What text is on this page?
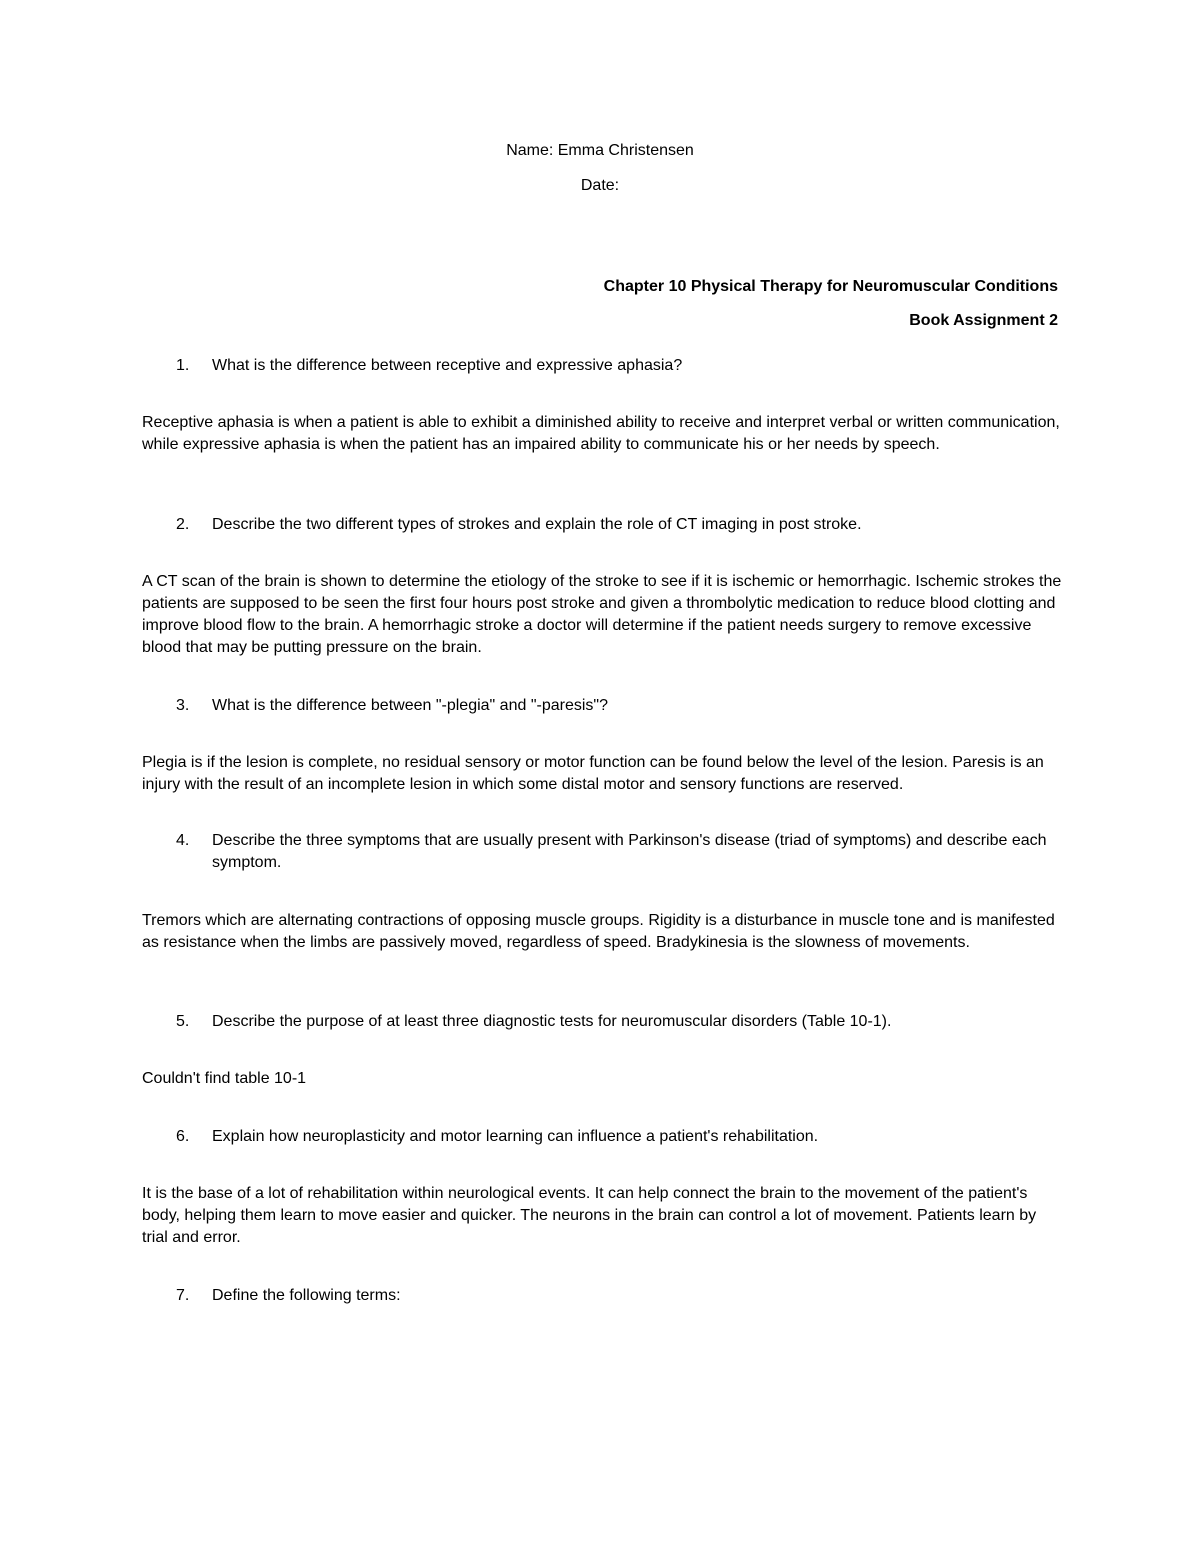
Name: Emma Christensen

Date:

Chapter 10 Physical Therapy for Neuromuscular Conditions

Book Assignment 2

1.	What is the difference between receptive and expressive aphasia?

Receptive aphasia is when a patient is able to exhibit a diminished ability to receive and interpret verbal or written communication, while expressive aphasia is when the patient has an impaired ability to communicate his or her needs by speech.

2.	Describe the two different types of strokes and explain the role of CT imaging in post stroke.

A CT scan of the brain is shown to determine the etiology of the stroke to see if it is ischemic or hemorrhagic. Ischemic strokes the patients are supposed to be seen the first four hours post stroke and given a thrombolytic medication to reduce blood clotting and improve blood flow to the brain. A hemorrhagic stroke a doctor will determine if the patient needs surgery to remove excessive blood that may be putting pressure on the brain.

3.	What is the difference between "-plegia" and "-paresis"?

Plegia is if the lesion is complete, no residual sensory or motor function can be found below the level of the lesion. Paresis is an injury with the result of an incomplete lesion in which some distal motor and sensory functions are reserved.

4.	Describe the three symptoms that are usually present with Parkinson's disease (triad of symptoms) and describe each symptom.

Tremors which are alternating contractions of opposing muscle groups. Rigidity is a disturbance in muscle tone and is manifested as resistance when the limbs are passively moved, regardless of speed. Bradykinesia is the slowness of movements.

5.	Describe the purpose of at least three diagnostic tests for neuromuscular disorders (Table 10-1).

Couldn't find table 10-1

6.	Explain how neuroplasticity and motor learning can influence a patient's rehabilitation.

It is the base of a lot of rehabilitation within neurological events. It can help connect the brain to the movement of the patient's body, helping them learn to move easier and quicker. The neurons in the brain can control a lot of movement. Patients learn by trial and error.

7.	Define the following terms:
